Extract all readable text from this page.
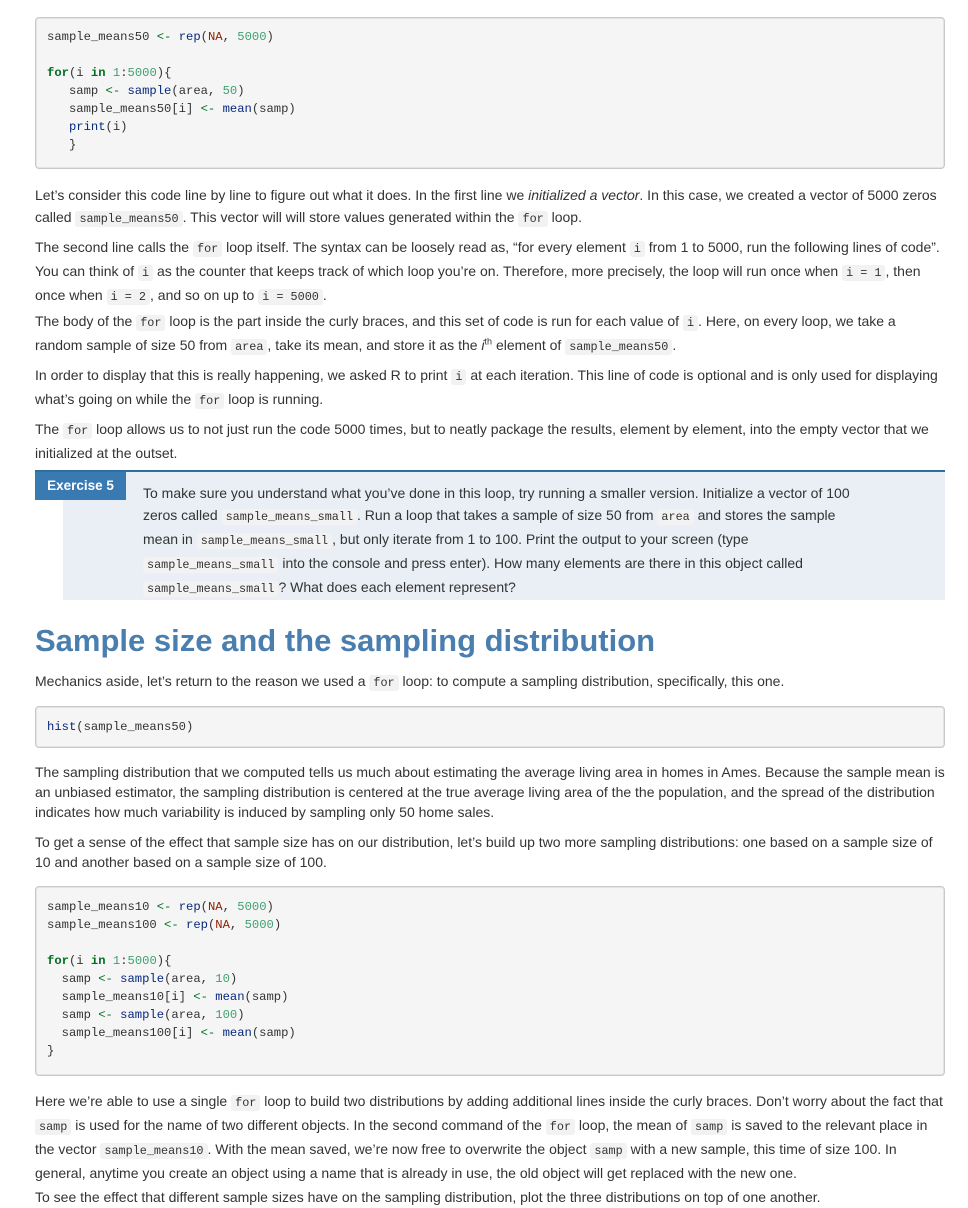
sample_means50 <- rep(NA, 5000)for(i in 1:5000){
samp <- sample(area, 50)
sample_means50[i] <- mean(samp)
print(i)
}

Let’s consider this code line by line to figure out what it does. In the first line we initialized a vector. In this case, we created a vector of 5000 zeros called sample_means50 . This vector will will store values generated within the for loop.

The second line calls the for loop itself. The syntax can be loosely read as, “for every element i from 1 to 5000, run the following lines of code”. You can think of i as the counter that keeps track of which loop you’re on. Therefore, more precisely, the loop will run once when i = 1 , then once when i = 2 , and so on up to i = 5000 .

The body of the for loop is the part inside the curly braces, and this set of code is run for each value of i . Here, on every loop, we take a random sample of size 50 from area , take its mean, and store it as the $i^{th}$ element of sample_means50 .

In order to display that this is really happening, we asked R to print i at each iteration. This line of code is optional and is only used for displaying what’s going on while the for loop is running.

The for loop allows us to not just run the code 5000 times, but to neatly package the results, element by element, into the empty vector that we initialized at the outset.

Exercise 5	To make sure you understand what you’ve done in this loop, try running a smaller version. Initialize a vector of 100 zeros called sample_means_small . Run a loop that takes a sample of size 50 from area and stores the sample mean in sample_means_small , but only iterate from 1 to 100. Print the output to your screen (type sample_means_small into the console and press enter). How many elements are there in this object called sample_means_small ? What does each element represent?
Sample size and the sampling distribution

Mechanics aside, let’s return to the reason we used a for loop: to compute a sampling distribution, specifically, this one.

hist(sample_means50)

The sampling distribution that we computed tells us much about estimating the average living area in homes in Ames. Because the sample mean is an unbiased estimator, the sampling distribution is centered at the true average living area of the the population, and the spread of the distribution indicates how much variability is induced by sampling only 50 home sales.

To get a sense of the effect that sample size has on our distribution, let’s build up two more sampling distributions: one based on a sample size of 10 and another based on a sample size of 100.

sample_means10 <- rep(NA, 5000)
sample_means100 <- rep(NA, 5000)for(i in 1:5000){
samp <- sample(area, 10)
sample_means10[i] <- mean(samp)
samp <- sample(area, 100)
sample_means100[i] <- mean(samp)
}

Here we’re able to use a single for loop to build two distributions by adding additional lines inside the curly braces. Don’t worry about the fact that samp is used for the name of two different objects. In the second command of the for loop, the mean of samp is saved to the relevant place in the vector sample_means10 . With the mean saved, we’re now free to overwrite the object samp with a new sample, this time of size 100. In general, anytime you create an object using a name that is already in use, the old object will get replaced with the new one.

To see the effect that different sample sizes have on the sampling distribution, plot the three distributions on top of one another.
